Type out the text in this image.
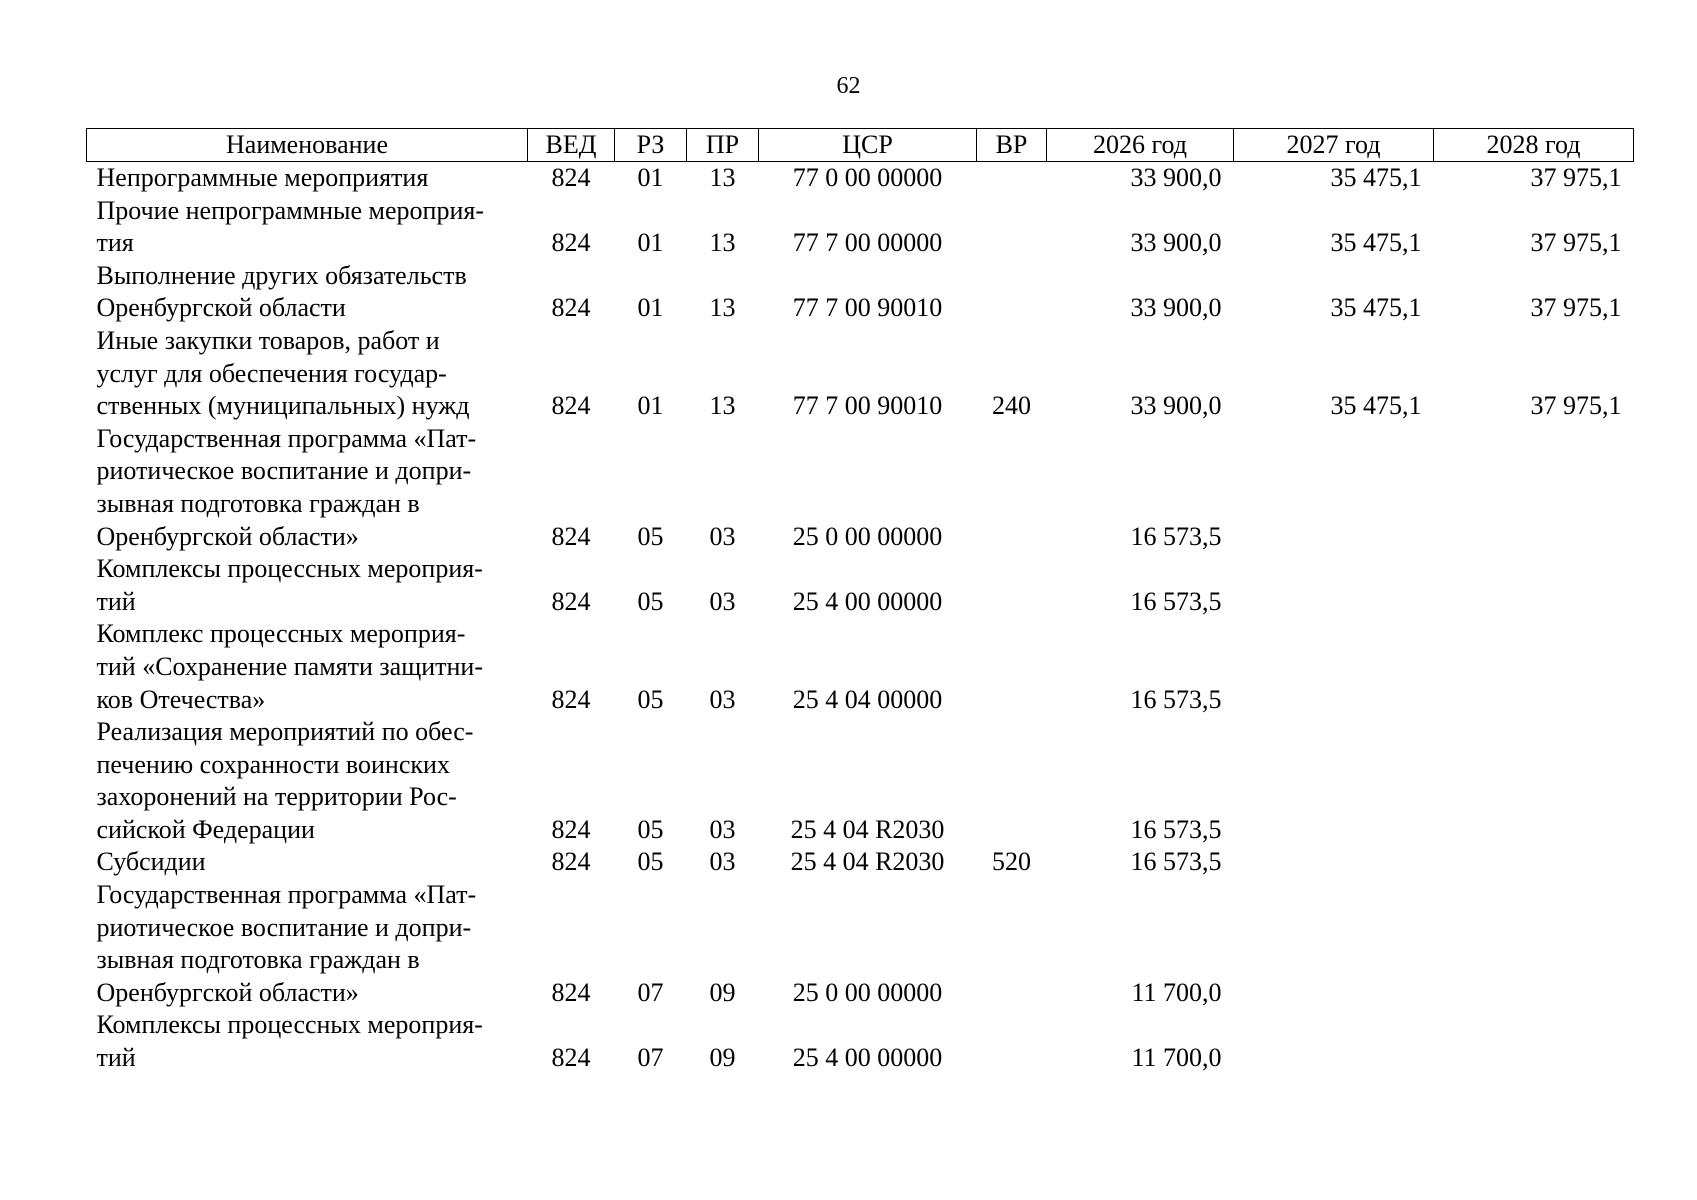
62
Наименование	ВЕД	РЗ	ПР	ЦСР	ВР	2026 год	2027 год	2028 год

Непрограммные мероприятия	824	01	13	77 0 00 00000		33 900,0	35 475,1	37 975,1

Прочие непрограммные мероприя-
тия	824	01	13	77 7 00 00000		33 900,0	35 475,1	37 975,1

Выполнение других обязательств
Оренбургской области	824	01	13	77 7 00 90010		33 900,0	35 475,1	37 975,1

Иные закупки товаров, работ и
услуг для обеспечения государ-
ственных (муниципальных) нужд	824	01	13	77 7 00 90010	240	33 900,0	35 475,1	37 975,1

Государственная программа «Пат-
риотическое воспитание и допри-
зывная подготовка граждан в
Оренбургской области»	824	05	03	25 0 00 00000		16 573,5		

Комплексы процессных мероприя-
тий	824	05	03	25 4 00 00000		16 573,5		

Комплекс процессных мероприя-
тий «Сохранение памяти защитни-
ков Отечества»	824	05	03	25 4 04 00000		16 573,5		

Реализация мероприятий по обес-
печению сохранности воинских
захоронений на территории Рос-
сийской Федерации	824	05	03	25 4 04 R2030		16 573,5		

Субсидии	824	05	03	25 4 04 R2030	520	16 573,5		

Государственная программа «Пат-
риотическое воспитание и допри-
зывная подготовка граждан в
Оренбургской области»	824	07	09	25 0 00 00000		11 700,0		

Комплексы процессных мероприя-
тий	824	07	09	25 4 00 00000		11 700,0		
